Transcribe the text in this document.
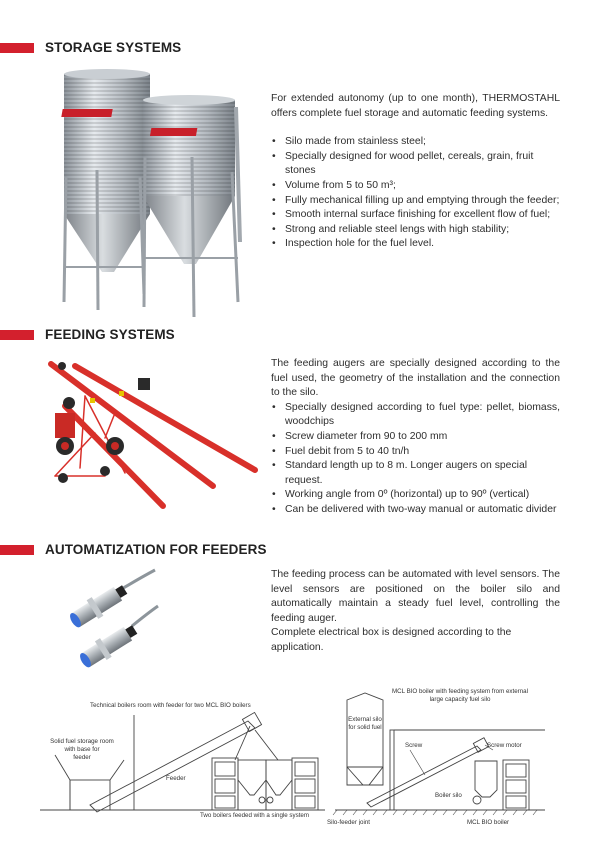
STORAGE SYSTEMS

For extended autonomy (up to one month), THERMOSTAHL offers complete fuel storage and automatic feeding systems.

• Silo made from stainless steel;
• Specially designed for wood pellet, cereals, grain, fruit stones
• Volume from 5 to 50 m³;
• Fully mechanical filling up and emptying through the feeder;
• Smooth internal surface finishing for excellent flow of fuel;
• Strong and reliable steel lengs with high stability;
• Inspection hole for the fuel level.
FEEDING SYSTEMS

The feeding augers are specially designed according to the fuel used, the geometry of the installation and the connection to the silo.

• Specially designed according to fuel type: pellet, biomass, woodchips
• Screw diameter from 90 to 200 mm
• Fuel debit from 5 to 40 tn/h
• Standard length up to 8 m. Longer augers on special request.
• Working angle from 0º (horizontal) up to 90º (vertical)
• Can be delivered with two-way manual or automatic divider
AUTOMATIZATION FOR FEEDERS

The feeding process can be automated with level sensors. The level sensors are positioned on the boiler silo and automatically maintain a steady fuel level, controlling the feeding auger.

Complete electrical box is designed according to the application.

Technical boilers room with feeder for two MCL BIO boilers
Solid fuel storage room
with base for
feeder
Feeder
Two boilers feeded with a single system
MCL BIO boiler with feeding system from external
large capacity fuel silo
External silo
for solid fuel
Screw	Screw motor
Boiler silo
Silo-feeder joint	MCL BIO boiler
